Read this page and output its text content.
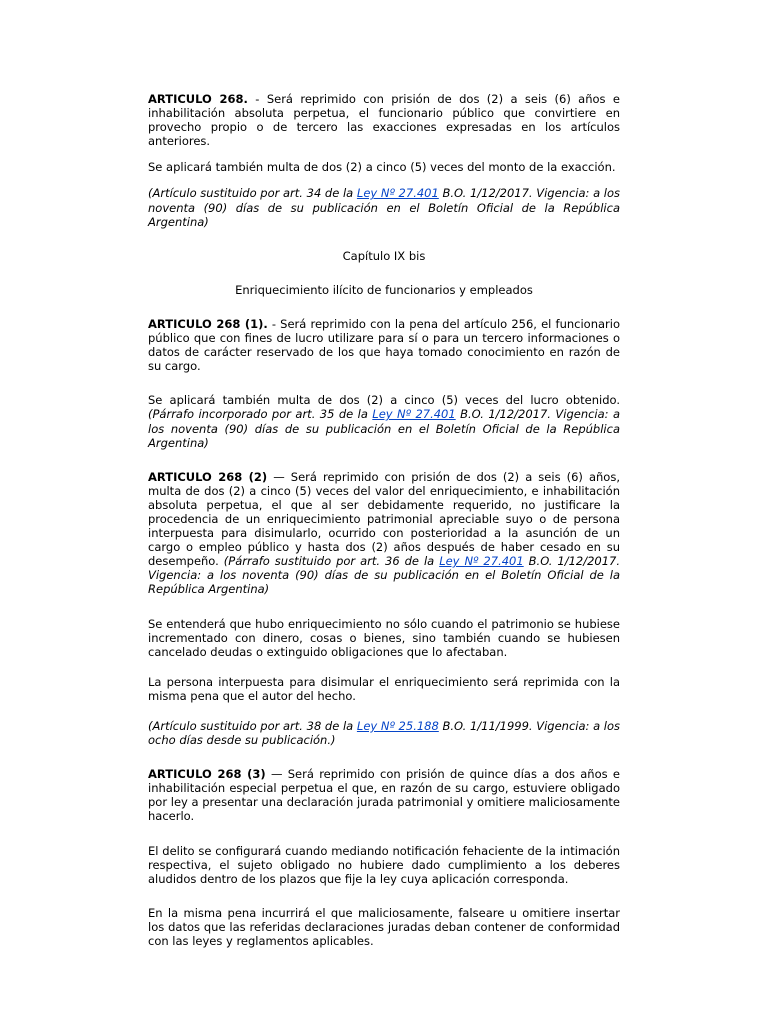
ARTICULO 268. - Será reprimido con prisión de dos (2) a seis (6) años e inhabilitación absoluta perpetua, el funcionario público que convirtiere en provecho propio o de tercero las exacciones expresadas en los artículos anteriores.

Se aplicará también multa de dos (2) a cinco (5) veces del monto de la exacción.

(Artículo sustituido por art. 34 de la Ley Nº 27.401 B.O. 1/12/2017. Vigencia: a los noventa (90) días de su publicación en el Boletín Oficial de la República Argentina)

Capítulo IX bis

Enriquecimiento ilícito de funcionarios y empleados

ARTICULO 268 (1). - Será reprimido con la pena del artículo 256, el funcionario público que con fines de lucro utilizare para sí o para un tercero informaciones o datos de carácter reservado de los que haya tomado conocimiento en razón de su cargo.

Se aplicará también multa de dos (2) a cinco (5) veces del lucro obtenido. (Párrafo incorporado por art. 35 de la Ley Nº 27.401 B.O. 1/12/2017. Vigencia: a los noventa (90) días de su publicación en el Boletín Oficial de la República Argentina)

ARTICULO 268 (2) — Será reprimido con prisión de dos (2) a seis (6) años, multa de dos (2) a cinco (5) veces del valor del enriquecimiento, e inhabilitación absoluta perpetua, el que al ser debidamente requerido, no justificare la procedencia de un enriquecimiento patrimonial apreciable suyo o de persona interpuesta para disimularlo, ocurrido con posterioridad a la asunción de un cargo o empleo público y hasta dos (2) años después de haber cesado en su desempeño. (Párrafo sustituido por art. 36 de la Ley Nº 27.401 B.O. 1/12/2017. Vigencia: a los noventa (90) días de su publicación en el Boletín Oficial de la República Argentina)

Se entenderá que hubo enriquecimiento no sólo cuando el patrimonio se hubiese incrementado con dinero, cosas o bienes, sino también cuando se hubiesen cancelado deudas o extinguido obligaciones que lo afectaban.

La persona interpuesta para disimular el enriquecimiento será reprimida con la misma pena que el autor del hecho.

(Artículo sustituido por art. 38 de la Ley Nº 25.188 B.O. 1/11/1999. Vigencia: a los ocho días desde su publicación.)

ARTICULO 268 (3) — Será reprimido con prisión de quince días a dos años e inhabilitación especial perpetua el que, en razón de su cargo, estuviere obligado por ley a presentar una declaración jurada patrimonial y omitiere maliciosamente hacerlo.

El delito se configurará cuando mediando notificación fehaciente de la intimación respectiva, el sujeto obligado no hubiere dado cumplimiento a los deberes aludidos dentro de los plazos que fije la ley cuya aplicación corresponda.

En la misma pena incurrirá el que maliciosamente, falseare u omitiere insertar los datos que las referidas declaraciones juradas deban contener de conformidad con las leyes y reglamentos aplicables.
